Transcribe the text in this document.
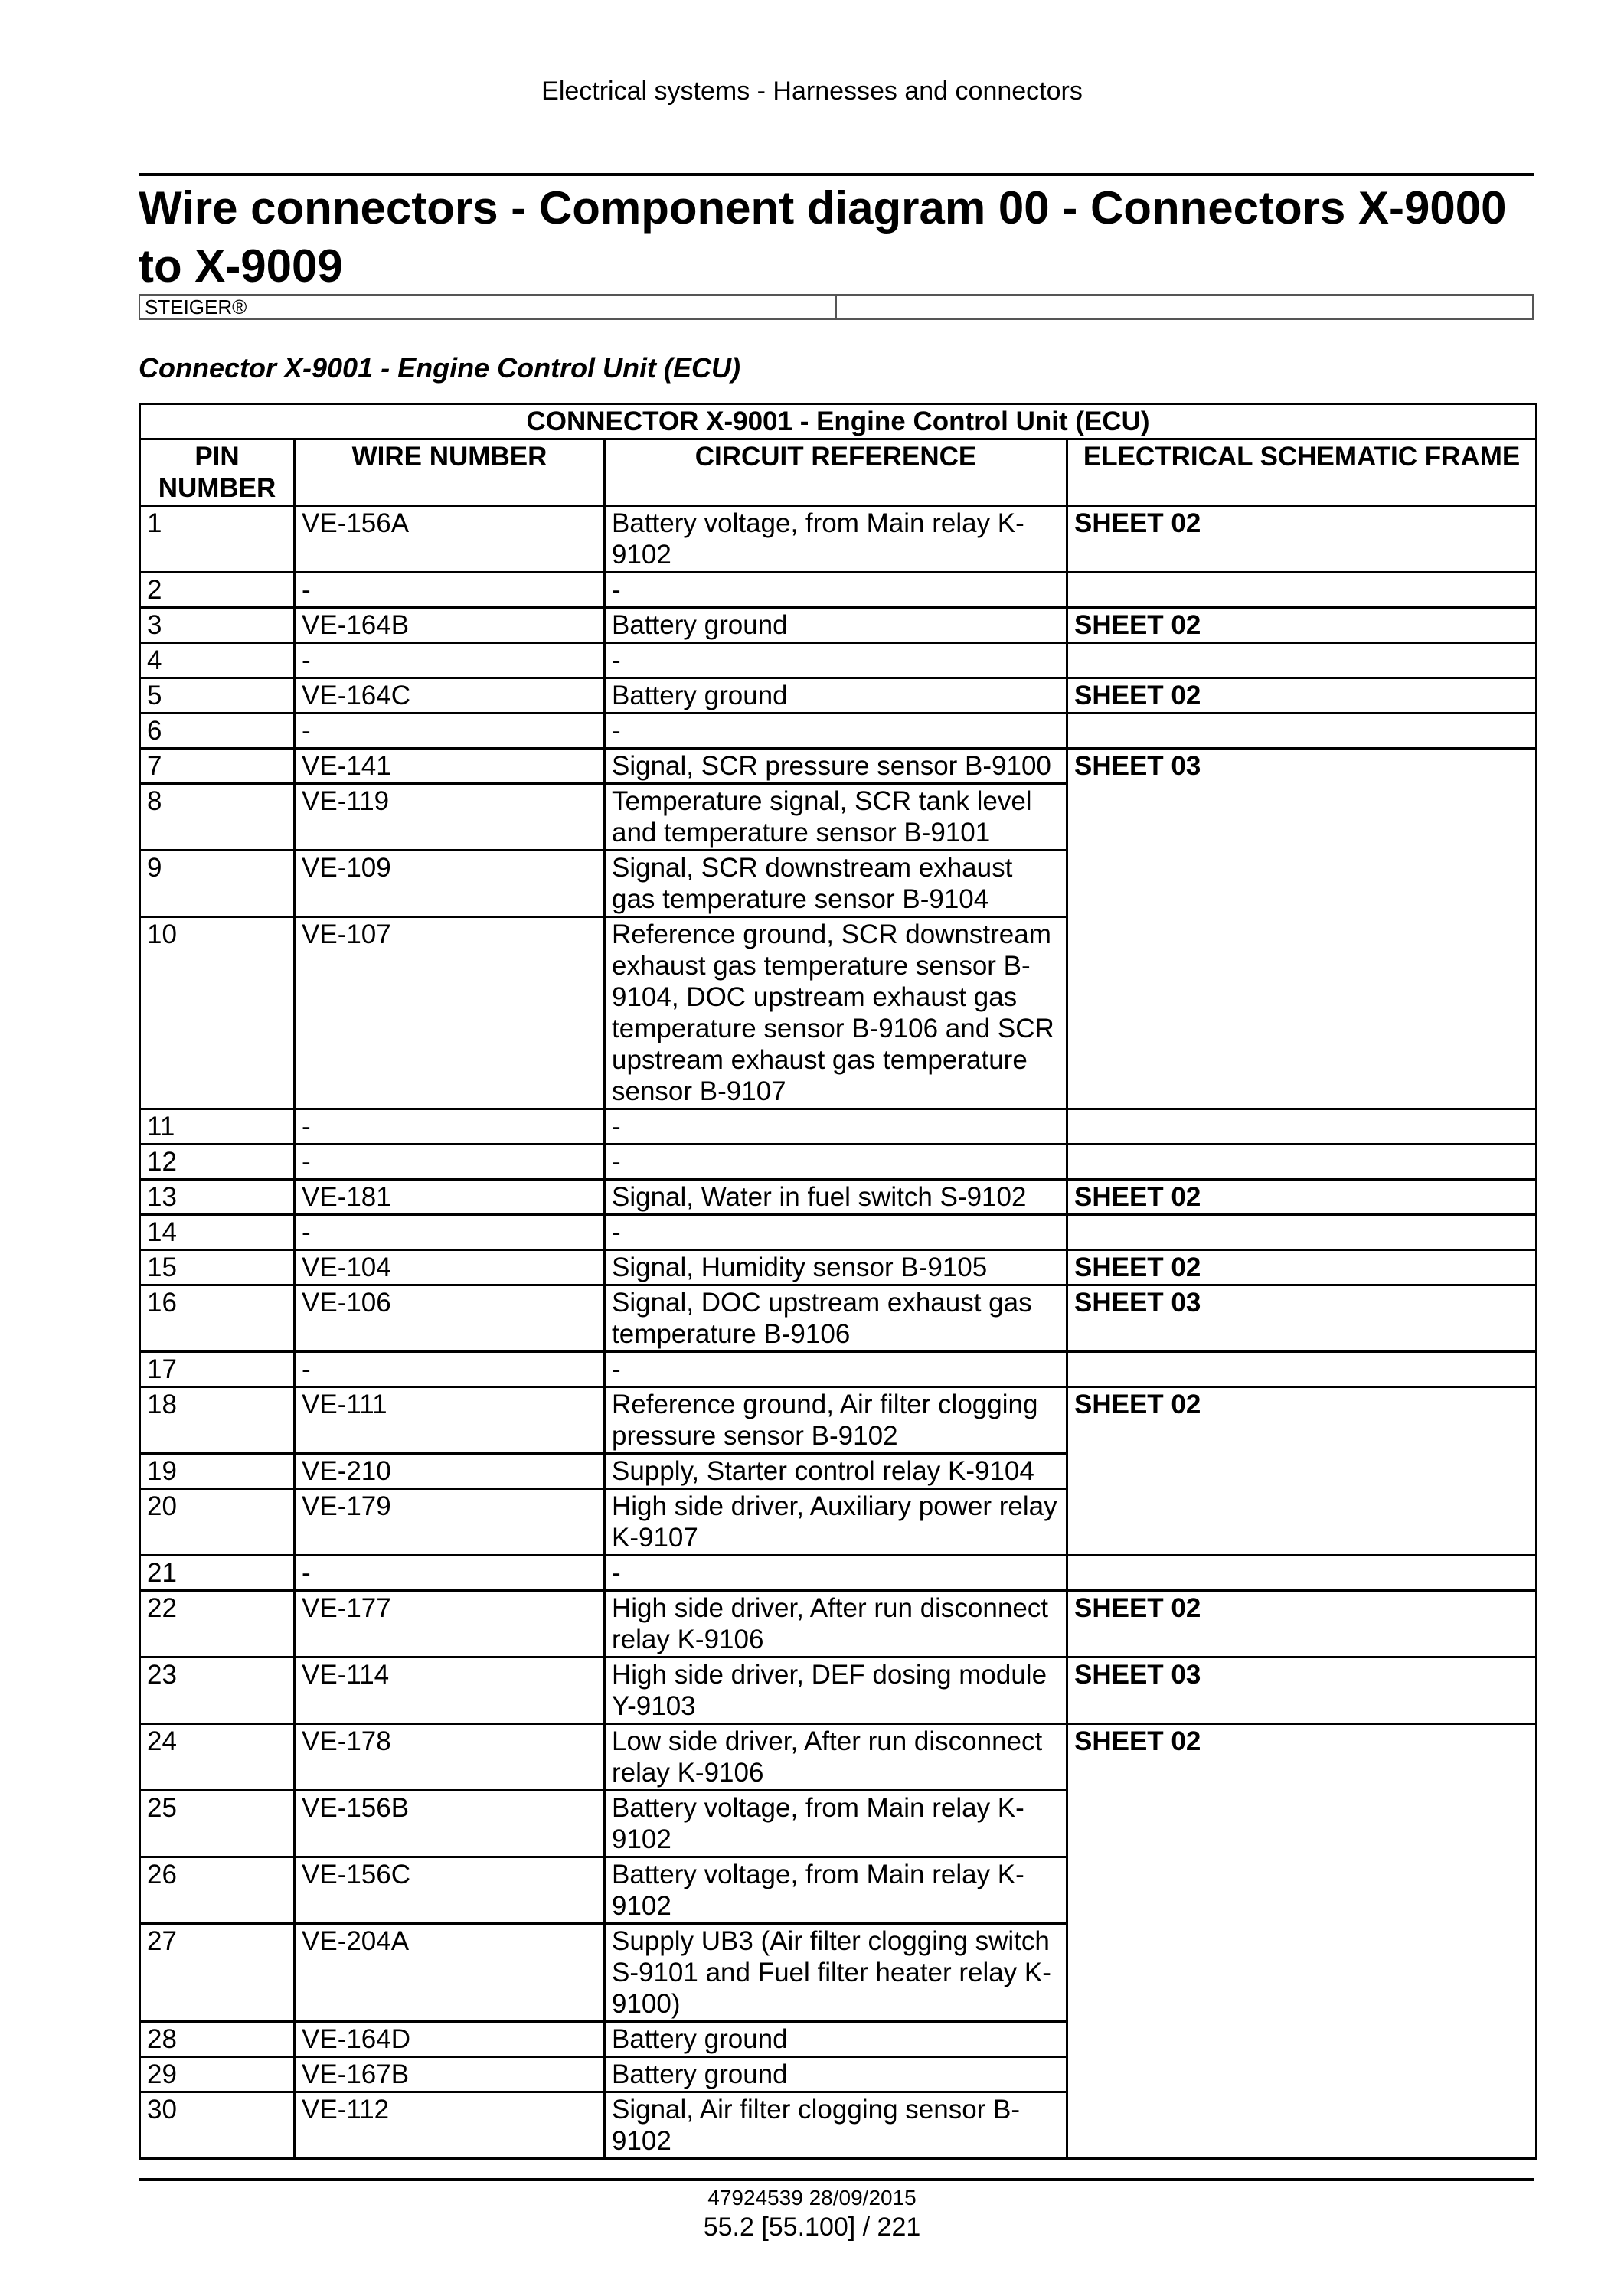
Electrical systems - Harnesses and connectors
Wire connectors - Component diagram 00 - Connectors X-9000 to X-9009
STEIGER®
Connector X-9001 - Engine Control Unit (ECU)
CONNECTOR X-9001 - Engine Control Unit (ECU)			
PIN NUMBER	WIRE NUMBER	CIRCUIT REFERENCE	ELECTRICAL SCHEMATIC FRAME
1	VE-156A	Battery voltage, from Main relay K-9102	SHEET 02
2	-	-	
3	VE-164B	Battery ground	SHEET 02
4	-	-	
5	VE-164C	Battery ground	SHEET 02
6	-	-	
7	VE-141	Signal, SCR pressure sensor B-9100	SHEET 03
8	VE-119	Temperature signal, SCR tank level and temperature sensor B-9101	
9	VE-109	Signal, SCR downstream exhaust gas temperature sensor B-9104	
10	VE-107	Reference ground, SCR downstream exhaust gas temperature sensor B-9104, DOC upstream exhaust gas temperature sensor B-9106 and SCR upstream exhaust gas temperature sensor B-9107	
11	-	-	
12	-	-	
13	VE-181	Signal, Water in fuel switch S-9102	SHEET 02
14	-	-	
15	VE-104	Signal, Humidity sensor B-9105	SHEET 02
16	VE-106	Signal, DOC upstream exhaust gas temperature B-9106	SHEET 03
17	-	-	
18	VE-111	Reference ground, Air filter clogging pressure sensor B-9102	SHEET 02
19	VE-210	Supply, Starter control relay K-9104	
20	VE-179	High side driver, Auxiliary power relay K-9107	
21	-	-	
22	VE-177	High side driver, After run disconnect relay K-9106	SHEET 02
23	VE-114	High side driver, DEF dosing module Y-9103	SHEET 03
24	VE-178	Low side driver, After run disconnect relay K-9106	SHEET 02
25	VE-156B	Battery voltage, from Main relay K-9102	
26	VE-156C	Battery voltage, from Main relay K-9102	
27	VE-204A	Supply UB3 (Air filter clogging switch S-9101 and Fuel filter heater relay K-9100)	
28	VE-164D	Battery ground	
29	VE-167B	Battery ground	
30	VE-112	Signal, Air filter clogging sensor B-9102	
47924539 28/09/2015
55.2 [55.100] / 221
